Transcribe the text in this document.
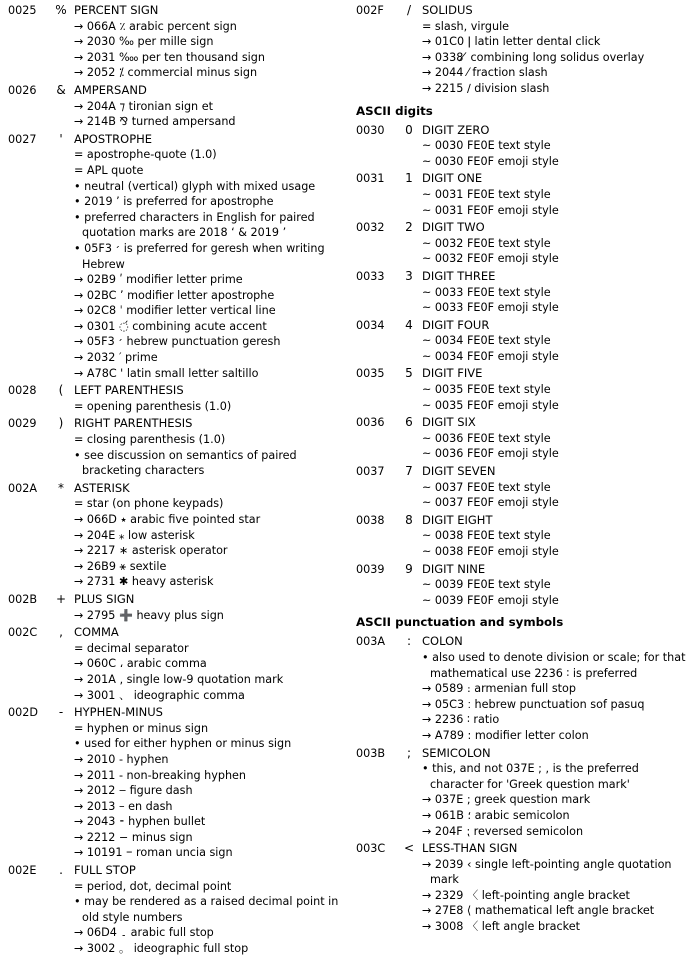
0025	% PERCENT SIGN
→ 066A ٪ arabic percent sign
→ 2030 ‰ per mille sign
→ 2031 ‱ per ten thousand sign
→ 2052 ⁒ commercial minus sign
0026	& AMPERSAND
→ 204A ⁊ tironian sign et
→ 214B ⅋ turned ampersand
0027	' APOSTROPHE
= apostrophe-quote (1.0)
= APL quote
• neutral (vertical) glyph with mixed usage
• 2019 ’ is preferred for apostrophe
• preferred characters in English for paired quotation marks are 2018 ‘ & 2019 ’
• 05F3 ׳ is preferred for geresh when writing Hebrew
→ 02B9 ʹ modifier letter prime
→ 02BC ʼ modifier letter apostrophe
→ 02C8 ˈ modifier letter vertical line
→ 0301 ◌́ combining acute accent
→ 05F3 ׳ hebrew punctuation geresh
→ 2032 ′ prime
→ A78C ꞌ latin small letter saltillo
0028	( LEFT PARENTHESIS
= opening parenthesis (1.0)
0029	) RIGHT PARENTHESIS
= closing parenthesis (1.0)
• see discussion on semantics of paired bracketing characters
002A	* ASTERISK
= star (on phone keypads)
→ 066D ٭ arabic five pointed star
→ 204E ⁎ low asterisk
→ 2217 ∗ asterisk operator
→ 26B9 ⚹ sextile
→ 2731 ✱ heavy asterisk
002B	+ PLUS SIGN
→ 2795 ➕ heavy plus sign
002C	, COMMA
= decimal separator
→ 060C ، arabic comma
→ 201A ‚ single low-9 quotation mark
→ 3001 、 ideographic comma
002D	- HYPHEN-MINUS
= hyphen or minus sign
• used for either hyphen or minus sign
→ 2010 ‐ hyphen
→ 2011 ‑ non-breaking hyphen
→ 2012 ‒ figure dash
→ 2013 – en dash
→ 2043 ⁃ hyphen bullet
→ 2212 − minus sign
→ 10191 𐆑 roman uncia sign
002E	. FULL STOP
= period, dot, decimal point
• may be rendered as a raised decimal point in old style numbers
→ 06D4 ۔ arabic full stop
→ 3002 。 ideographic full stop
002F	/ SOLIDUS
= slash, virgule
→ 01C0 ǀ latin letter dental click
→ 0338 ̸ combining long solidus overlay
→ 2044 ⁄ fraction slash
→ 2215 ∕ division slash
ASCII digits
0030	0 DIGIT ZERO
~ 0030 FE0E text style
~ 0030 FE0F emoji style
0031	1 DIGIT ONE
~ 0031 FE0E text style
~ 0031 FE0F emoji style
0032	2 DIGIT TWO
~ 0032 FE0E text style
~ 0032 FE0F emoji style
0033	3 DIGIT THREE
~ 0033 FE0E text style
~ 0033 FE0F emoji style
0034	4 DIGIT FOUR
~ 0034 FE0E text style
~ 0034 FE0F emoji style
0035	5 DIGIT FIVE
~ 0035 FE0E text style
~ 0035 FE0F emoji style
0036	6 DIGIT SIX
~ 0036 FE0E text style
~ 0036 FE0F emoji style
0037	7 DIGIT SEVEN
~ 0037 FE0E text style
~ 0037 FE0F emoji style
0038	8 DIGIT EIGHT
~ 0038 FE0E text style
~ 0038 FE0F emoji style
0039	9 DIGIT NINE
~ 0039 FE0E text style
~ 0039 FE0F emoji style
ASCII punctuation and symbols
003A	: COLON
• also used to denote division or scale; for that mathematical use 2236 ∶ is preferred
→ 0589 ։ armenian full stop
→ 05C3 ׃ hebrew punctuation sof pasuq
→ 2236 ∶ ratio
→ A789 ꞉ modifier letter colon
003B	; SEMICOLON
• this, and not 037E ; , is the preferred character for 'Greek question mark'
→ 037E ; greek question mark
→ 061B ؛ arabic semicolon
→ 204F ⁏ reversed semicolon
003C	< LESS-THAN SIGN
→ 2039 ‹ single left-pointing angle quotation mark
→ 2329 〈 left-pointing angle bracket
→ 27E8 ⟨ mathematical left angle bracket
→ 3008 〈 left angle bracket
